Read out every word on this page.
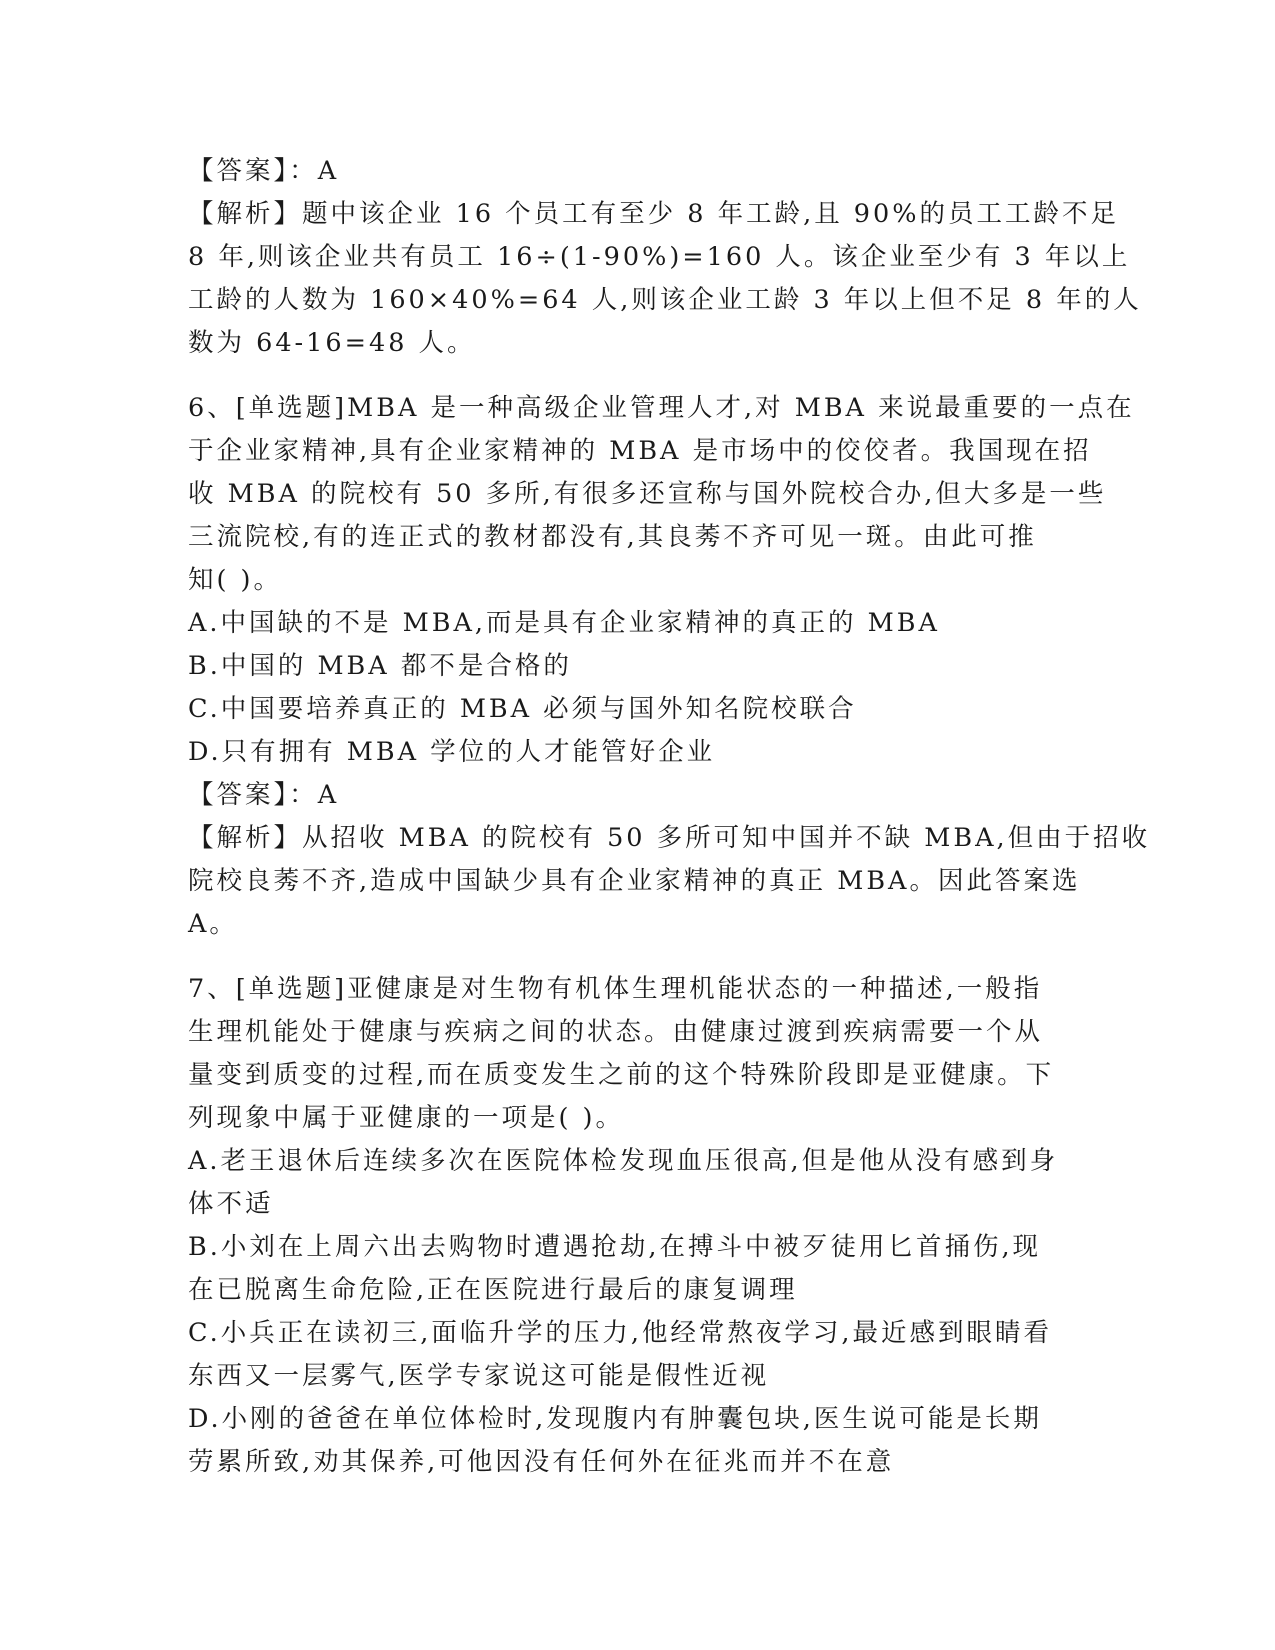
【答案】：A
【解析】题中该企业 16 个员工有至少 8 年工龄,且 90%的员工工龄不足
8 年,则该企业共有员工 16÷(1-90%)=160 人。该企业至少有 3 年以上
工龄的人数为 160×40%=64 人,则该企业工龄 3 年以上但不足 8 年的人
数为 64-16=48 人。
6、[单选题]MBA 是一种高级企业管理人才,对 MBA 来说最重要的一点在
于企业家精神,具有企业家精神的 MBA 是市场中的佼佼者。我国现在招
收 MBA 的院校有 50 多所,有很多还宣称与国外院校合办,但大多是一些
三流院校,有的连正式的教材都没有,其良莠不齐可见一斑。由此可推
知( )。
A.中国缺的不是 MBA,而是具有企业家精神的真正的 MBA
B.中国的 MBA 都不是合格的
C.中国要培养真正的 MBA 必须与国外知名院校联合
D.只有拥有 MBA 学位的人才能管好企业
【答案】：A
【解析】从招收 MBA 的院校有 50 多所可知中国并不缺 MBA,但由于招收
院校良莠不齐,造成中国缺少具有企业家精神的真正 MBA。因此答案选
A。
7、[单选题]亚健康是对生物有机体生理机能状态的一种描述,一般指
生理机能处于健康与疾病之间的状态。由健康过渡到疾病需要一个从
量变到质变的过程,而在质变发生之前的这个特殊阶段即是亚健康。下
列现象中属于亚健康的一项是( )。
A.老王退休后连续多次在医院体检发现血压很高,但是他从没有感到身
体不适
B.小刘在上周六出去购物时遭遇抢劫,在搏斗中被歹徒用匕首捅伤,现
在已脱离生命危险,正在医院进行最后的康复调理
C.小兵正在读初三,面临升学的压力,他经常熬夜学习,最近感到眼睛看
东西又一层雾气,医学专家说这可能是假性近视
D.小刚的爸爸在单位体检时,发现腹内有肿囊包块,医生说可能是长期
劳累所致,劝其保养,可他因没有任何外在征兆而并不在意
